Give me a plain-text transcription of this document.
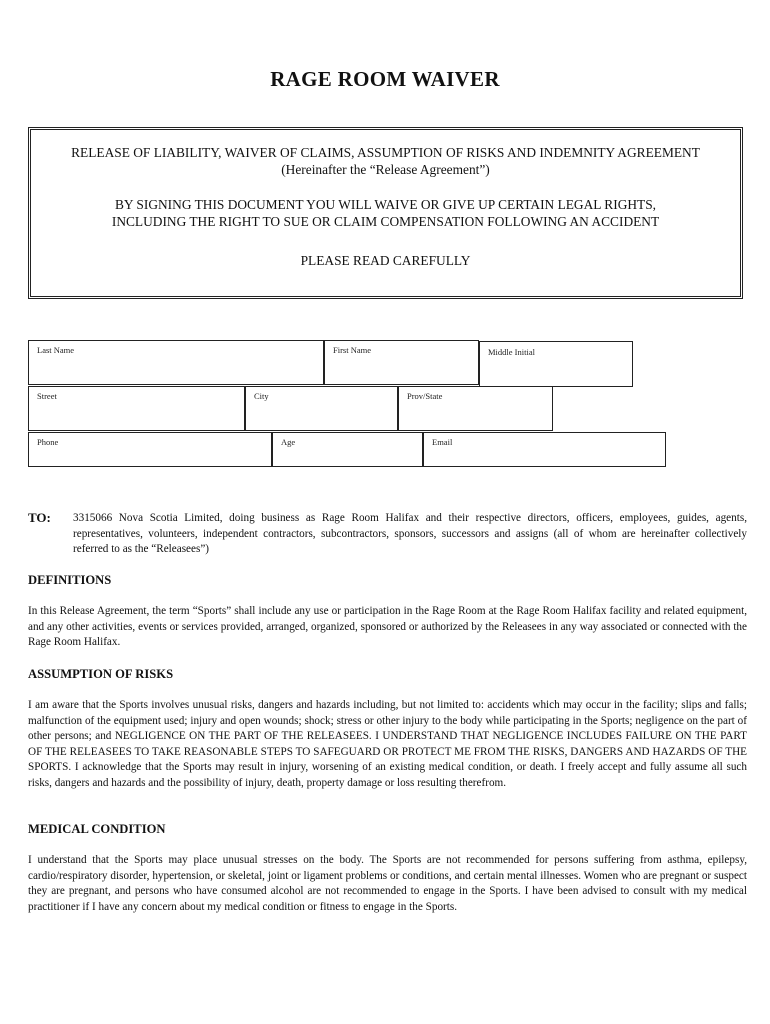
RAGE ROOM WAIVER
RELEASE OF LIABILITY, WAIVER OF CLAIMS, ASSUMPTION OF RISKS AND INDEMNITY AGREEMENT
(Hereinafter the “Release Agreement”)
BY SIGNING THIS DOCUMENT YOU WILL WAIVE OR GIVE UP CERTAIN LEGAL RIGHTS,
INCLUDING THE RIGHT TO SUE OR CLAIM COMPENSATION FOLLOWING AN ACCIDENT
PLEASE READ CAREFULLY
Last Name	First Name	Middle Initial
Street	City	Prov/State
Phone	Age	Email
TO: 3315066 Nova Scotia Limited, doing business as Rage Room Halifax and their respective directors, officers, employees, guides, agents, representatives, volunteers, independent contractors, subcontractors, sponsors, successors and assigns (all of whom are hereinafter collectively referred to as the “Releasees”)
DEFINITIONS
In this Release Agreement, the term “Sports” shall include any use or participation in the Rage Room at the Rage Room Halifax facility and related equipment, and any other activities, events or services provided, arranged, organized, sponsored or authorized by the Releasees in any way associated or connected with the Rage Room Halifax.
ASSUMPTION OF RISKS
I am aware that the Sports involves unusual risks, dangers and hazards including, but not limited to: accidents which may occur in the facility; slips and falls; malfunction of the equipment used; injury and open wounds; shock; stress or other injury to the body while participating in the Sports; negligence on the part of other persons; and NEGLIGENCE ON THE PART OF THE RELEASEES. I UNDERSTAND THAT NEGLIGENCE INCLUDES FAILURE ON THE PART OF THE RELEASEES TO TAKE REASONABLE STEPS TO SAFEGUARD OR PROTECT ME FROM THE RISKS, DANGERS AND HAZARDS OF THE SPORTS. I acknowledge that the Sports may result in injury, worsening of an existing medical condition, or death. I freely accept and fully assume all such risks, dangers and hazards and the possibility of injury, death, property damage or loss resulting therefrom.
MEDICAL CONDITION
I understand that the Sports may place unusual stresses on the body. The Sports are not recommended for persons suffering from asthma, epilepsy, cardio/respiratory disorder, hypertension, or skeletal, joint or ligament problems or conditions, and certain mental illnesses. Women who are pregnant or suspect they are pregnant, and persons who have consumed alcohol are not recommended to engage in the Sports. I have been advised to consult with my medical practitioner if I have any concern about my medical condition or fitness to engage in the Sports.
